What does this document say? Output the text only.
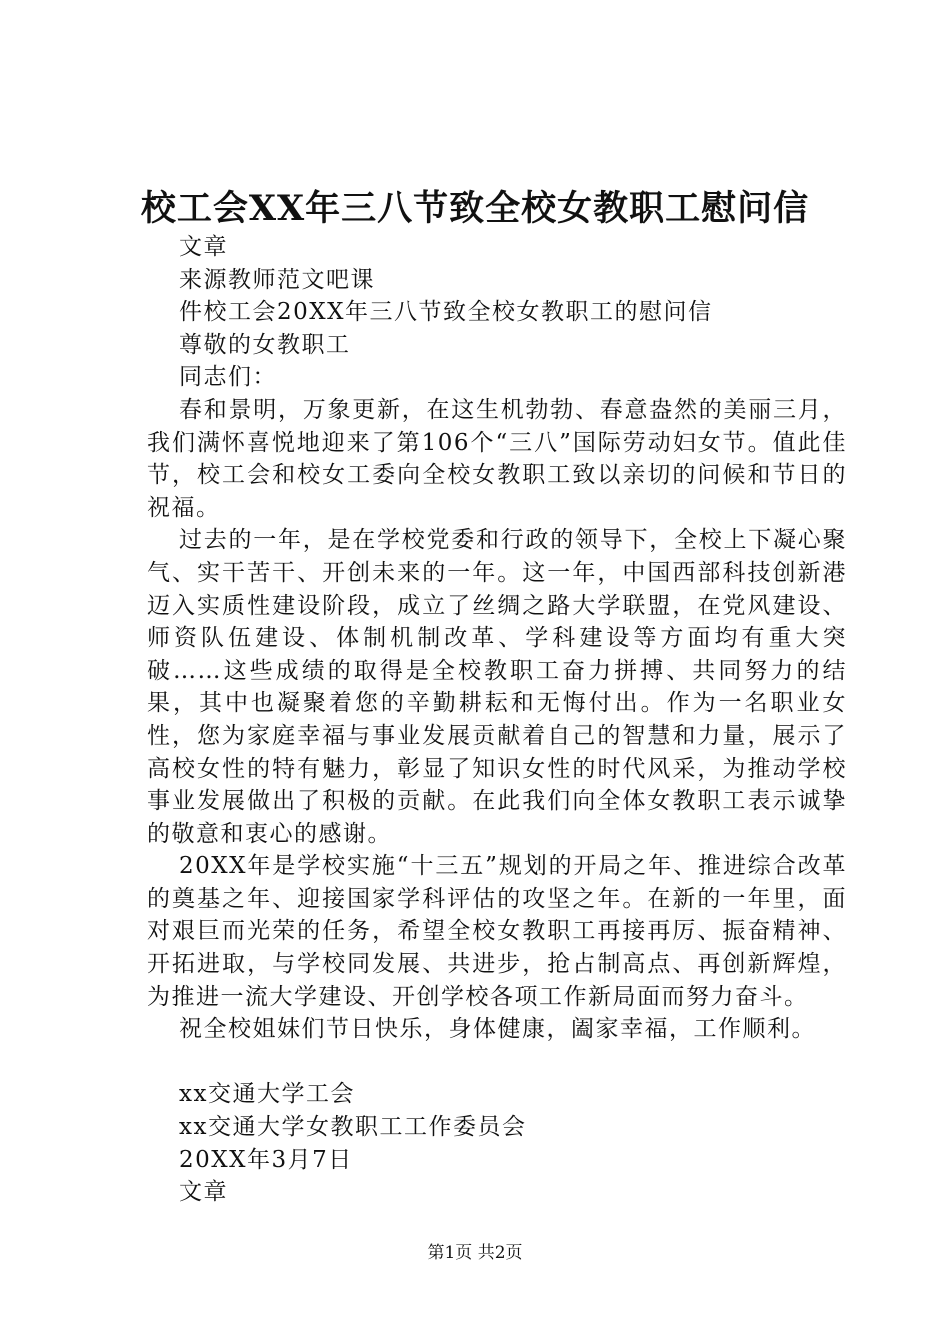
校工会XX年三八节致全校女教职工慰问信

文章

来源教师范文吧课

件校工会20XX年三八节致全校女教职工的慰问信

尊敬的女教职工

同志们：

春和景明，万象更新，在这生机勃勃、春意盎然的美丽三月，我们满怀喜悦地迎来了第106个“三八”国际劳动妇女节。值此佳节，校工会和校女工委向全校女教职工致以亲切的问候和节日的祝福。

过去的一年，是在学校党委和行政的领导下，全校上下凝心聚气、实干苦干、开创未来的一年。这一年，中国西部科技创新港迈入实质性建设阶段，成立了丝绸之路大学联盟，在党风建设、师资队伍建设、体制机制改革、学科建设等方面均有重大突破……这些成绩的取得是全校教职工奋力拼搏、共同努力的结果，其中也凝聚着您的辛勤耕耘和无悔付出。作为一名职业女性，您为家庭幸福与事业发展贡献着自己的智慧和力量，展示了高校女性的特有魅力，彰显了知识女性的时代风采，为推动学校事业发展做出了积极的贡献。在此我们向全体女教职工表示诚挚的敬意和衷心的感谢。

20XX年是学校实施“十三五”规划的开局之年、推进综合改革的奠基之年、迎接国家学科评估的攻坚之年。在新的一年里，面对艰巨而光荣的任务，希望全校女教职工再接再厉、振奋精神、开拓进取，与学校同发展、共进步，抢占制高点、再创新辉煌，为推进一流大学建设、开创学校各项工作新局面而努力奋斗。

祝全校姐妹们节日快乐，身体健康，阖家幸福，工作顺利。

xx交通大学工会

xx交通大学女教职工工作委员会

20XX年3月7日

文章

第1页 共2页
